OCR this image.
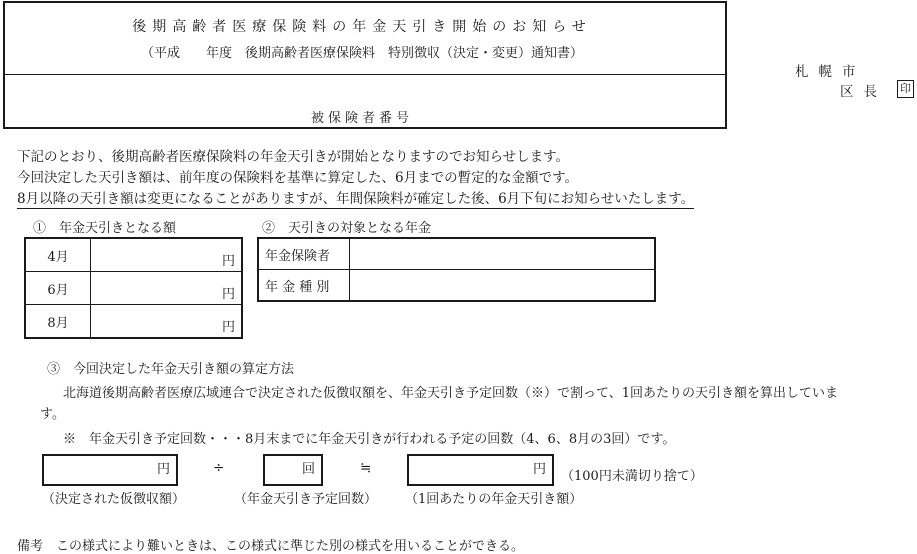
後期高齢者医療保険料の年金天引き開始のお知らせ
（平成　　年度　後期高齢者医療保険料　特別徴収（決定・変更）通知書）
被保険者番号
札幌市
区長 印
下記のとおり、後期高齢者医療保険料の年金天引きが開始となりますのでお知らせします。
今回決定した天引き額は、前年度の保険料を基準に算定した、6月までの暫定的な金額です。
8月以降の天引き額は変更になることがありますが、年間保険料が確定した後、6月下旬にお知らせいたします。
①　年金天引きとなる額	②　天引きの対象となる年金
4月	円
6月	円
8月	円
年金保険者	
年 金 種 別	
③　今回決定した年金天引き額の算定方法
北海道後期高齢者医療広域連合で決定された仮徴収額を、年金天引き予定回数（※）で割って、1回あたりの天引き額を算出していま
す。
※　年金天引き予定回数・・・8月末までに年金天引きが行われる予定の回数（4、6、8月の3回）です。
円	÷	回	≒	円	（100円未満切り捨て）
（決定された仮徴収額）	（年金天引き予定回数） （1回あたりの年金天引き額）
備考　この様式により難いときは、この様式に準じた別の様式を用いることができる。
